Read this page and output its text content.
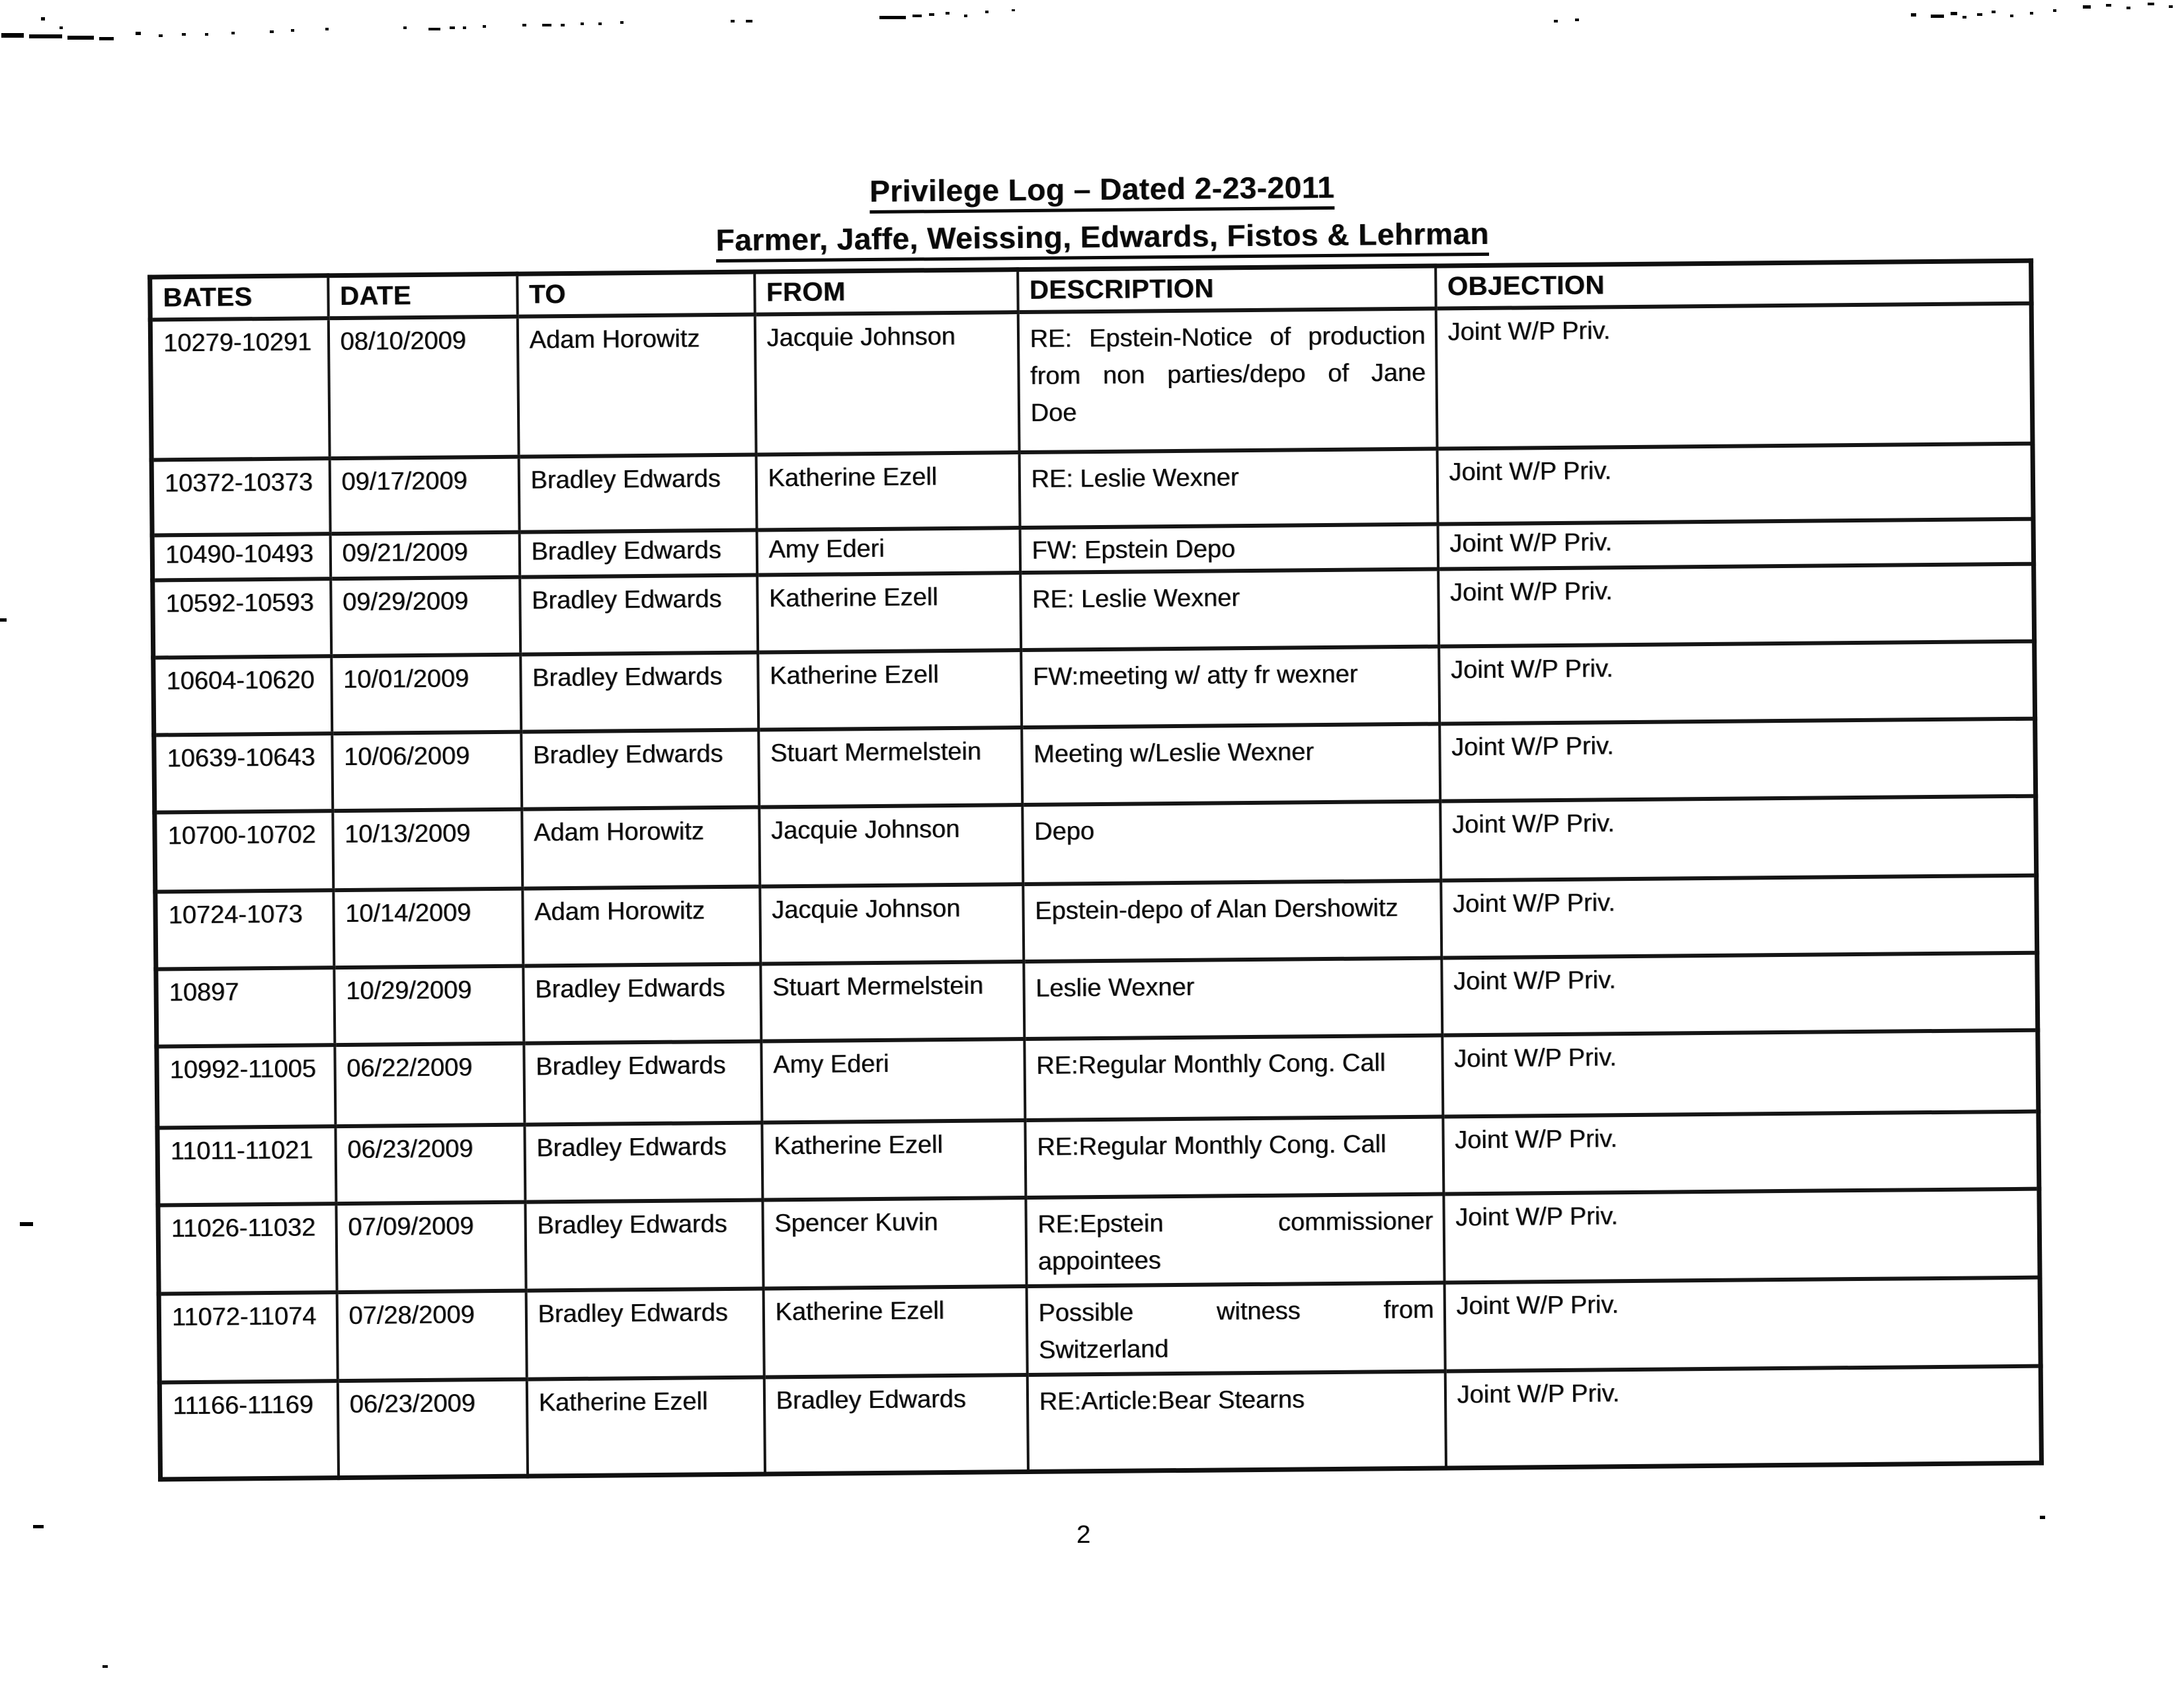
Privilege Log – Dated 2-23-2011
Farmer, Jaffe, Weissing, Edwards, Fistos & Lehrman
BATES	DATE	TO	FROM	DESCRIPTION	OBJECTION
10279-10291	08/10/2009	Adam Horowitz	Jacquie Johnson	RE: Epstein-Notice of production
from non parties/depo of Jane
Doe	Joint W/P Priv.
10372-10373	09/17/2009	Bradley Edwards	Katherine Ezell	RE: Leslie Wexner	Joint W/P Priv.
10490-10493	09/21/2009	Bradley Edwards	Amy Ederi	FW: Epstein Depo	Joint W/P Priv.
10592-10593	09/29/2009	Bradley Edwards	Katherine Ezell	RE: Leslie Wexner	Joint W/P Priv.
10604-10620	10/01/2009	Bradley Edwards	Katherine Ezell	FW:meeting w/ atty fr wexner	Joint W/P Priv.
10639-10643	10/06/2009	Bradley Edwards	Stuart Mermelstein	Meeting w/Leslie Wexner	Joint W/P Priv.
10700-10702	10/13/2009	Adam Horowitz	Jacquie Johnson	Depo	Joint W/P Priv.
10724-1073	10/14/2009	Adam Horowitz	Jacquie Johnson	Epstein-depo of Alan Dershowitz	Joint W/P Priv.
10897	10/29/2009	Bradley Edwards	Stuart Mermelstein	Leslie Wexner	Joint W/P Priv.
10992-11005	06/22/2009	Bradley Edwards	Amy Ederi	RE:Regular Monthly Cong. Call	Joint W/P Priv.
11011-11021	06/23/2009	Bradley Edwards	Katherine Ezell	RE:Regular Monthly Cong. Call	Joint W/P Priv.
11026-11032	07/09/2009	Bradley Edwards	Spencer Kuvin	RE:Epstein commissioner
appointees	Joint W/P Priv.
11072-11074	07/28/2009	Bradley Edwards	Katherine Ezell	Possible witness from
Switzerland	Joint W/P Priv.
11166-11169	06/23/2009	Katherine Ezell	Bradley Edwards	RE:Article:Bear Stearns	Joint W/P Priv.
2
